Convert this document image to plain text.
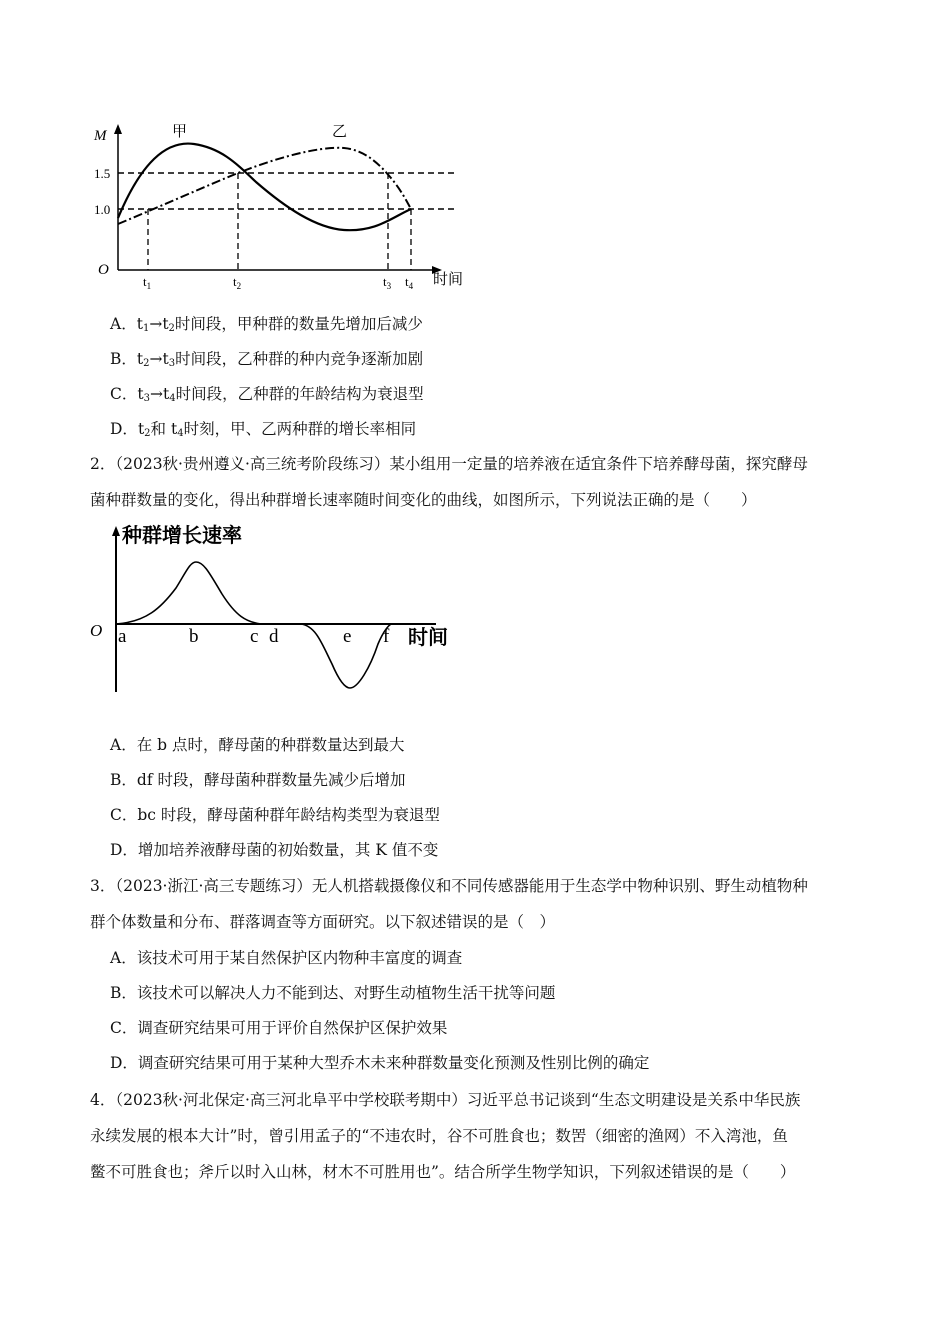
M
O
甲	乙
1.5
1.0
$t_1$	$t_2$	$t_3$ $t_4$ 时间
A．$t_1\to t_2$时间段，甲种群的数量先增加后减少
B．$t_2\to t_3$时间段，乙种群的种内竞争逐渐加剧
C．$t_3\to t_4$时间段，乙种群的年龄结构为衰退型
D．$t_2$和 $t_4$时刻，甲、乙两种群的增长率相同
2．（2023秋·贵州遵义·高三统考阶段练习）某小组用一定量的培养液在适宜条件下培养酵母菌，探究酵母
菌种群数量的变化，得出种群增长速率随时间变化的曲线，如图所示，下列说法正确的是（　　）
种群增长速率
O a	b	c d	e f 时间
A．在 b 点时，酵母菌的种群数量达到最大
B．df 时段，酵母菌种群数量先减少后增加
C．bc 时段，酵母菌种群年龄结构类型为衰退型
D．增加培养液酵母菌的初始数量，其 K 值不变
3．（2023·浙江·高三专题练习）无人机搭载摄像仪和不同传感器能用于生态学中物种识别、野生动植物种
群个体数量和分布、群落调查等方面研究。以下叙述错误的是（　）
A．该技术可用于某自然保护区内物种丰富度的调查
B．该技术可以解决人力不能到达、对野生动植物生活干扰等问题
C．调查研究结果可用于评价自然保护区保护效果
D．调查研究结果可用于某种大型乔木未来种群数量变化预测及性别比例的确定
4．（2023秋·河北保定·高三河北阜平中学校联考期中）习近平总书记谈到“生态文明建设是关系中华民族
永续发展的根本大计”时，曾引用孟子的“不违农时，谷不可胜食也；数罟（细密的渔网）不入湾池，鱼
鳖不可胜食也；斧斤以时入山林，材木不可胜用也”。结合所学生物学知识，下列叙述错误的是（　　）
